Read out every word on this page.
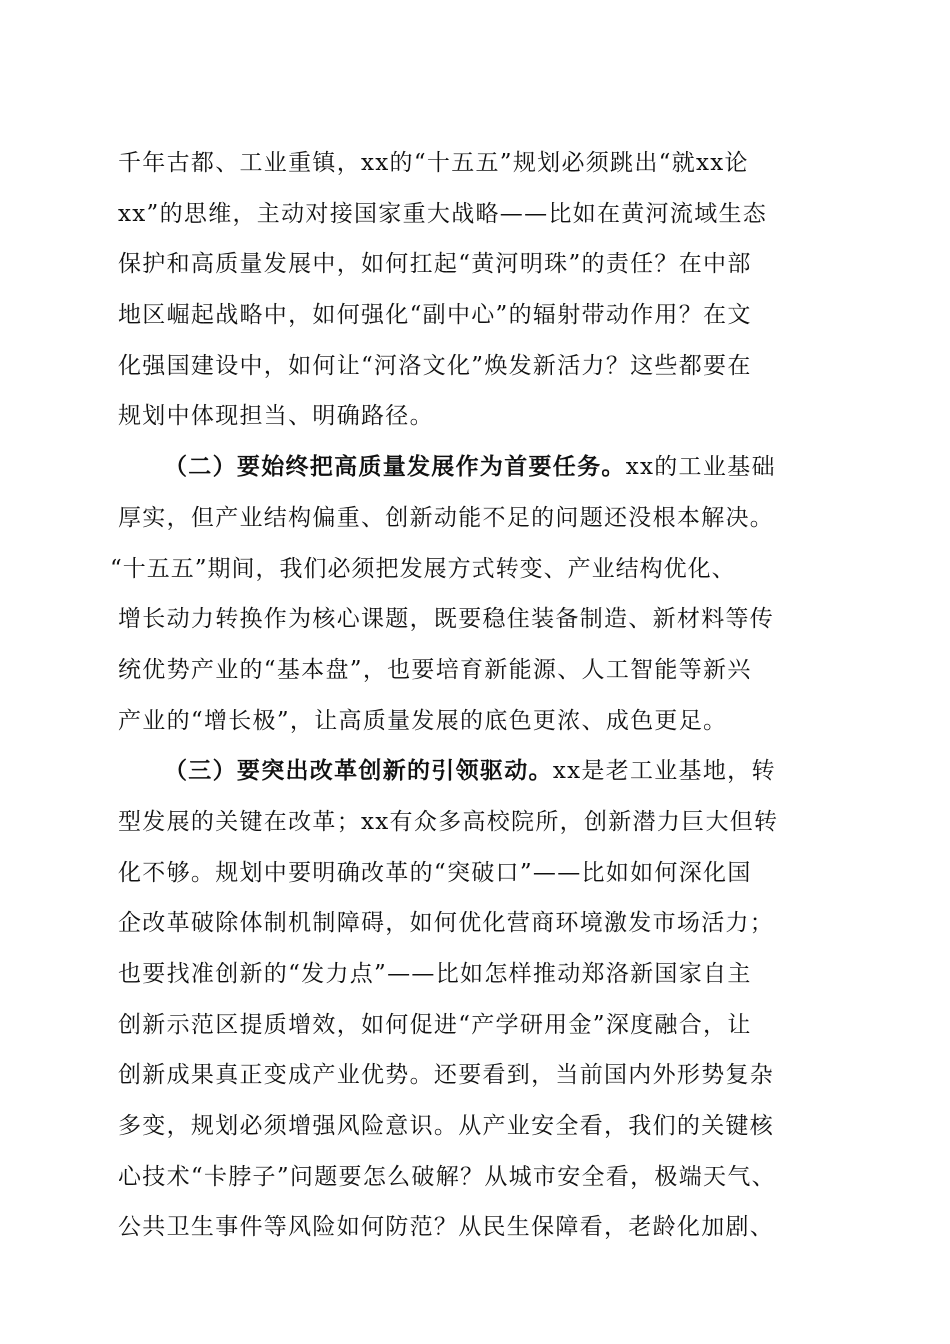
千年古都、工业重镇，xx的“十五五”规划必须跳出“就xx论
xx”的思维，主动对接国家重大战略——比如在黄河流域生态
保护和高质量发展中，如何扛起“黄河明珠”的责任？在中部
地区崛起战略中，如何强化“副中心”的辐射带动作用？在文
化强国建设中，如何让“河洛文化”焕发新活力？这些都要在
规划中体现担当、明确路径。
（二）要始终把高质量发展作为首要任务。xx的工业基础
厚实，但产业结构偏重、创新动能不足的问题还没根本解决。
“十五五”期间，我们必须把发展方式转变、产业结构优化、
增长动力转换作为核心课题，既要稳住装备制造、新材料等传
统优势产业的“基本盘”，也要培育新能源、人工智能等新兴
产业的“增长极”，让高质量发展的底色更浓、成色更足。
（三）要突出改革创新的引领驱动。xx是老工业基地，转
型发展的关键在改革；xx有众多高校院所，创新潜力巨大但转
化不够。规划中要明确改革的“突破口”——比如如何深化国
企改革破除体制机制障碍，如何优化营商环境激发市场活力；
也要找准创新的“发力点”——比如怎样推动郑洛新国家自主
创新示范区提质增效，如何促进“产学研用金”深度融合，让
创新成果真正变成产业优势。还要看到，当前国内外形势复杂
多变，规划必须增强风险意识。从产业安全看，我们的关键核
心技术“卡脖子”问题要怎么破解？从城市安全看，极端天气、
公共卫生事件等风险如何防范？从民生保障看，老龄化加剧、
